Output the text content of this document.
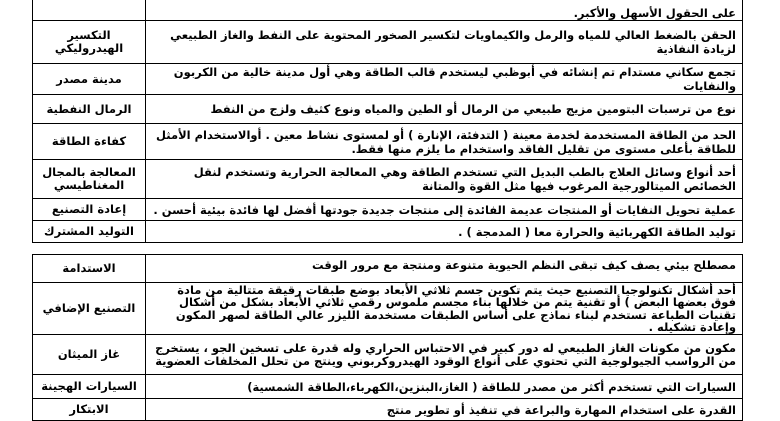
على الحقول الأسهل والأكبر.	
الحقن بالضغط العالي للمياه والرمل والكيماويات لتكسير الصخور المحتوية على النفط والغاز الطبيعي لزيادة النفاذية	التكسير الهيدروليكي
تجمع سكاني مستدام تم إنشائه في أبوظبي ليستخدم قالب الطاقة وهي أول مدينة خالية من الكربون والنفايات	مدينة مصدر
نوع من ترسبات البتومين مزيج طبيعي من الرمال أو الطين والمياه ونوع كثيف ولزج من النفط	الرمال النفطية
الحد من الطاقة المستخدمة لخدمة معينة ( التدفئة، الإنارة ) أو لمستوى نشاط معين . أوالاستخدام الأمثل للطاقة بأعلى مستوى من تقليل الفاقد واستخدام ما يلزم منها فقط.	كفاءة الطاقة
أحد أنواع وسائل العلاج بالطب البديل التي تستخدم الطاقة وهي المعالجة الحرارية وتستخدم لنقل الخصائص الميتالورجية المرغوب فيها مثل القوة والمتانة	المعالجة بالمجال المغناطيسي
عملية تحويل النفايات أو المنتجات عديمة الفائدة إلى منتجات جديدة جودتها أفضل لها فائدة بيئية أحسن .	إعادة التصنيع
توليد الطاقة الكهربائية والحرارة معا ( المدمجة ) .	التوليد المشترك
مصطلح بيئي يصف كيف تبقى النظم الحيوية متنوعة ومنتجة مع مرور الوقت	الاستدامة
أحد أشكال تكنولوجيا التصنيع حيث يتم تكوين جسم ثلاثي الأبعاد بوضع طبقات رقيقة متتالية من مادة فوق بعضها البعض ) أو تقنية يتم من خلالها بناء مجسم ملموس رقمي ثلاثي الأبعاد بشكل من أشكال تقنيات الطباعة تستخدم لبناء نماذج على أساس الطبقات مستخدمة الليزر عالي الطاقة لصهر المكون وإعادة تشكيله .	التصنيع الإضافي
مكون من مكونات الغاز الطبيعي له دور كبير في الاحتباس الحراري وله قدرة على تسخين الجو ، يستخرج من الرواسب الجيولوجية التي تحتوي على أنواع الوقود الهيدروكربوني وينتج من تحلل المخلفات العضوية	غاز الميثان
السيارات التي تستخدم أكثر من مصدر للطاقة ( الغاز،البنزين،الكهرباء،الطاقة الشمسية)	السيارات الهجينة
القدرة على استخدام المهارة والبراعة في تنفيذ أو تطوير منتج	الابتكار
